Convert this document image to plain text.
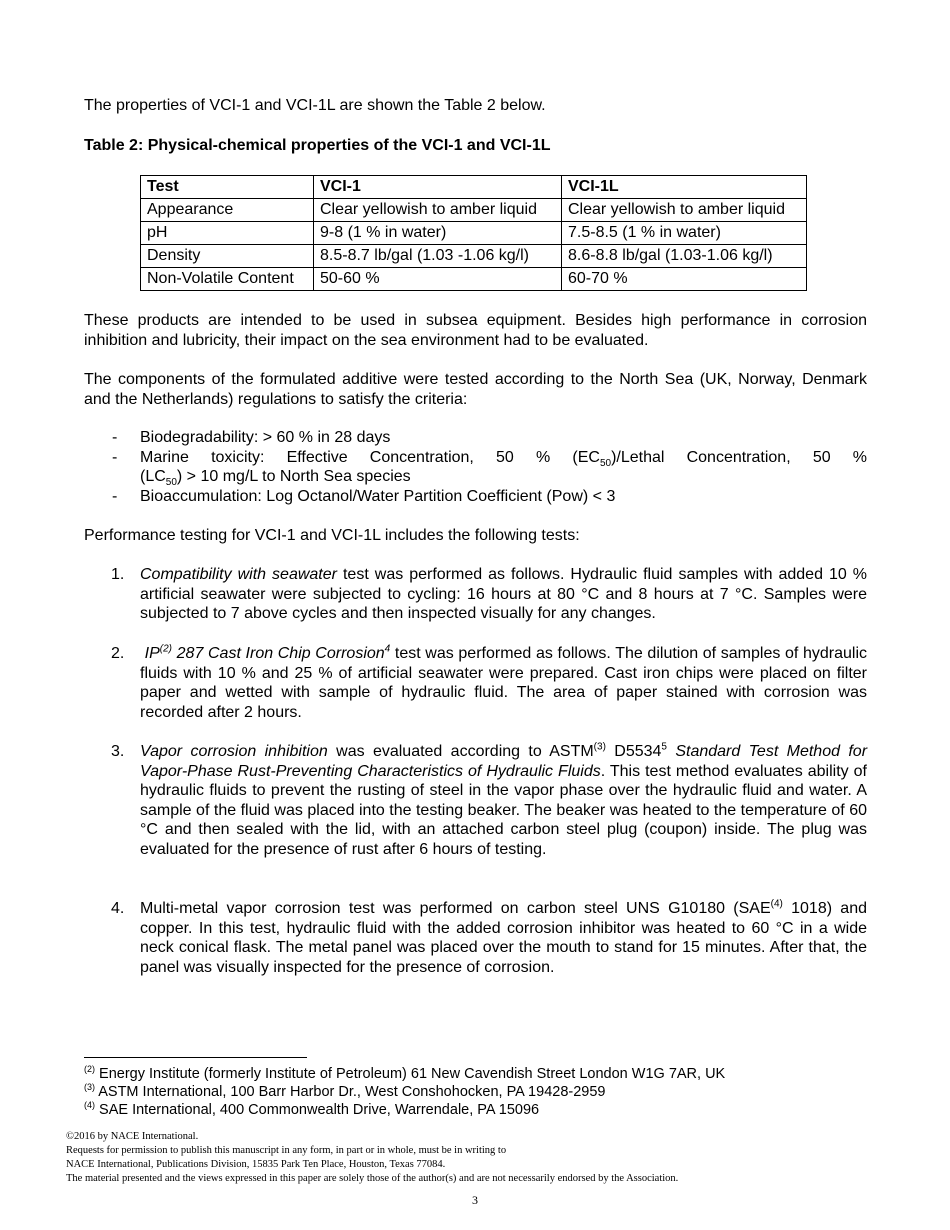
The properties of VCI-1 and VCI-1L are shown the Table 2 below.
Table 2: Physical-chemical properties of the VCI-1 and VCI-1L
Test	VCI-1	VCI-1L
Appearance	Clear yellowish to amber liquid	Clear yellowish to amber liquid
pH	9-8 (1 % in water)	7.5-8.5 (1 % in water)
Density	8.5-8.7 lb/gal (1.03 -1.06 kg/l)	8.6-8.8 lb/gal (1.03-1.06 kg/l)
Non-Volatile Content	50-60 %	60-70 %
These products are intended to be used in subsea equipment. Besides high performance in corrosion inhibition and lubricity, their impact on the sea environment had to be evaluated.
The components of the formulated additive were tested according to the North Sea (UK, Norway, Denmark and the Netherlands) regulations to satisfy the criteria:
- Biodegradability: > 60 % in 28 days
- Marine toxicity: Effective Concentration, 50 % $(EC_{50})$/Lethal Concentration, 50 %
$(LC_{50}) > 10$ mg/L to North Sea species
- Bioaccumulation: Log Octanol/Water Partition Coefficient (Pow) < 3
Performance testing for VCI-1 and VCI-1L includes the following tests:
1. Compatibility with seawater test was performed as follows. Hydraulic fluid samples with added 10 % artificial seawater were subjected to cycling: 16 hours at 80 °C and 8 hours at 7 °C. Samples were subjected to 7 above cycles and then inspected visually for any changes.
2. IP$^{(2)}$ 287 Cast Iron Chip Corrosion$^4$ test was performed as follows. The dilution of samples of hydraulic fluids with 10 % and 25 % of artificial seawater were prepared. Cast iron chips were placed on filter paper and wetted with sample of hydraulic fluid. The area of paper stained with corrosion was recorded after 2 hours.
3. Vapor corrosion inhibition was evaluated according to ASTM$^{(3)}$ D5534$^5$ Standard Test Method for Vapor-Phase Rust-Preventing Characteristics of Hydraulic Fluids. This test method evaluates ability of hydraulic fluids to prevent the rusting of steel in the vapor phase over the hydraulic fluid and water. A sample of the fluid was placed into the testing beaker. The beaker was heated to the temperature of 60 °C and then sealed with the lid, with an attached carbon steel plug (coupon) inside. The plug was evaluated for the presence of rust after 6 hours of testing.
4. Multi-metal vapor corrosion test was performed on carbon steel UNS G10180 (SAE$^{(4)}$ 1018) and copper. In this test, hydraulic fluid with the added corrosion inhibitor was heated to 60 °C in a wide neck conical flask. The metal panel was placed over the mouth to stand for 15 minutes. After that, the panel was visually inspected for the presence of corrosion.
$^{(2)}$ Energy Institute (formerly Institute of Petroleum) 61 New Cavendish Street London W1G 7AR, UK
$^{(3)}$ ASTM International, 100 Barr Harbor Dr., West Conshohocken, PA 19428-2959
$^{(4)}$ SAE International, 400 Commonwealth Drive, Warrendale, PA 15096
©2016 by NACE International.
Requests for permission to publish this manuscript in any form, in part or in whole, must be in writing to
NACE International, Publications Division, 15835 Park Ten Place, Houston, Texas 77084.
The material presented and the views expressed in this paper are solely those of the author(s) and are not necessarily endorsed by the Association.
3
